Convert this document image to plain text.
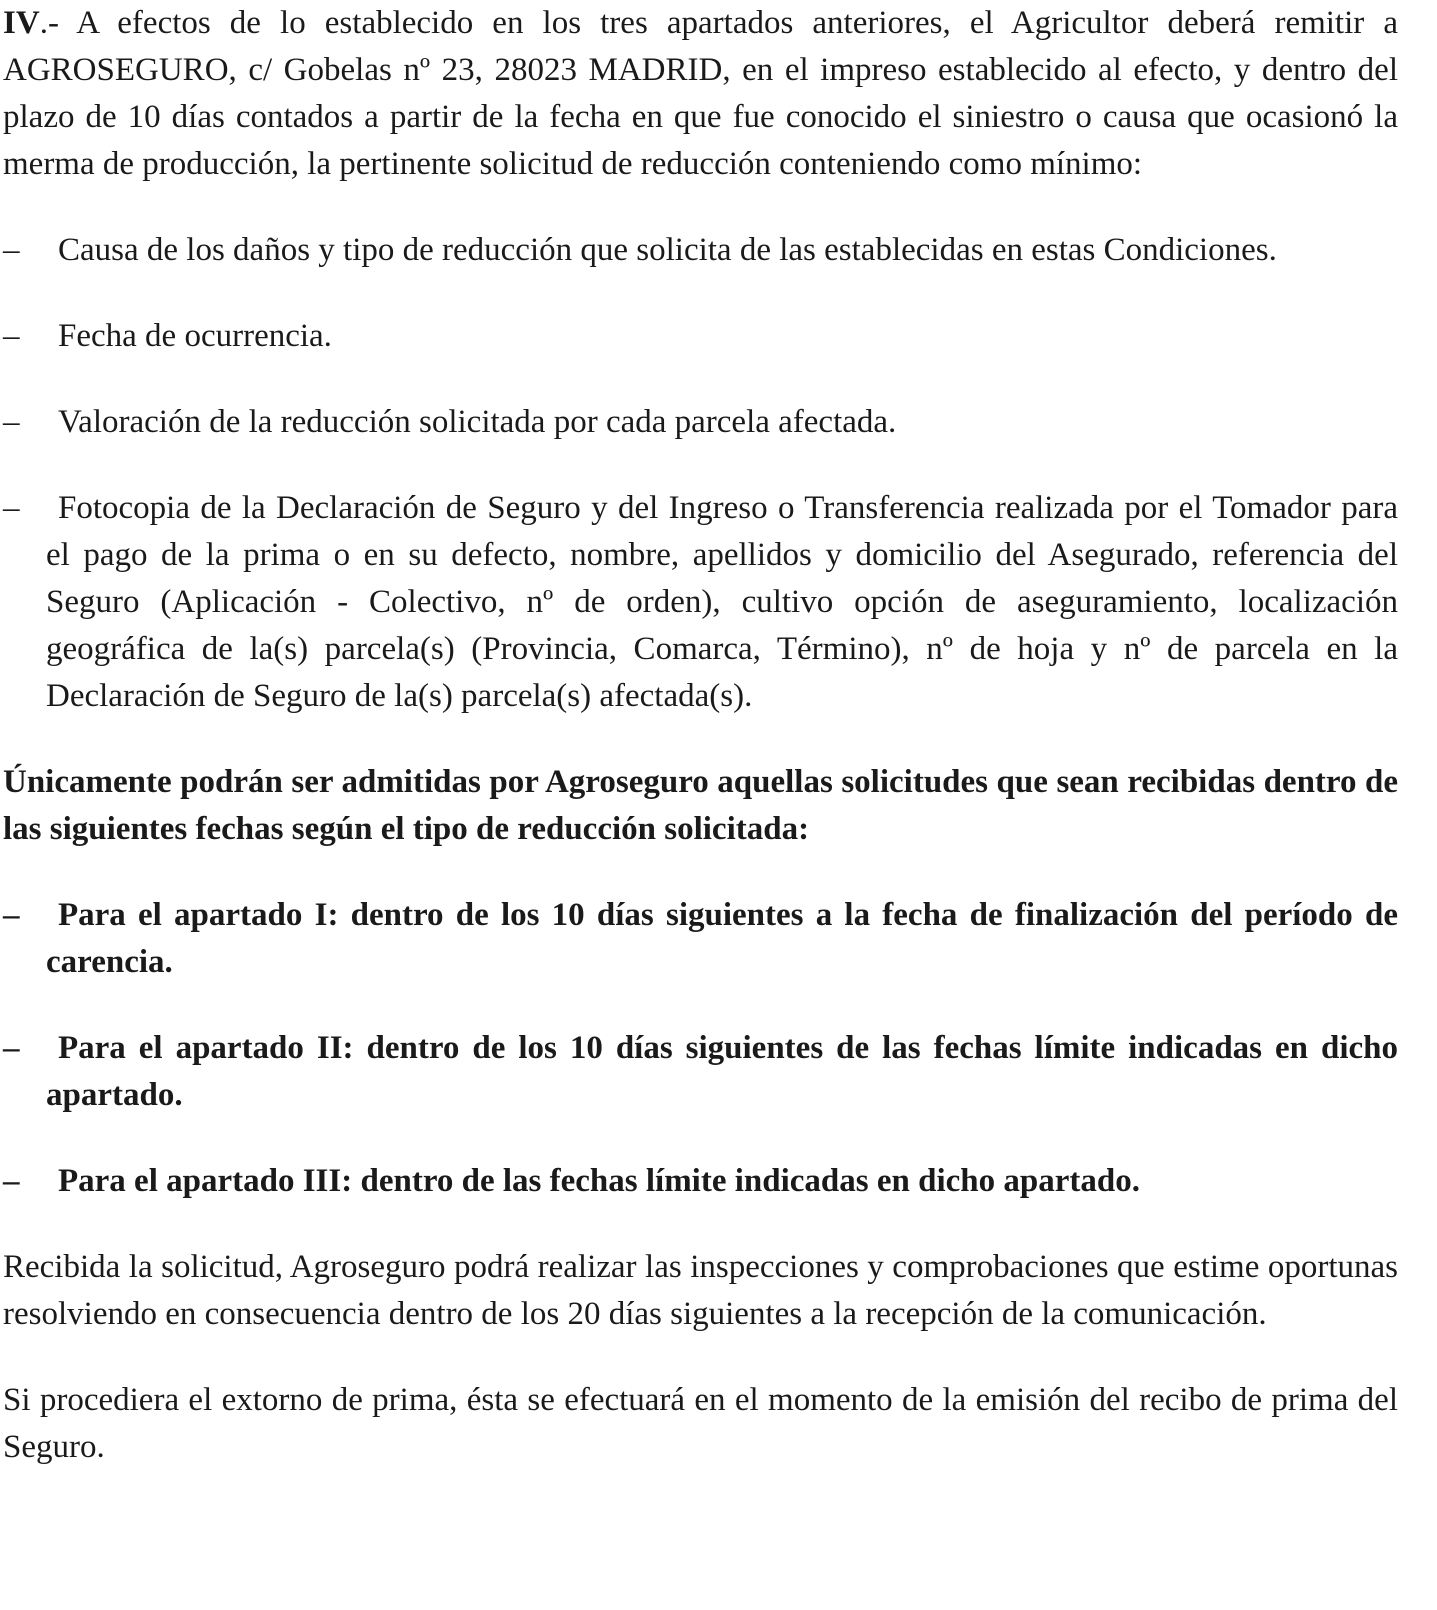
IV.- A efectos de lo establecido en los tres apartados anteriores, el Agricultor deberá remitir a AGROSEGURO, c/ Gobelas nº 23, 28023 MADRID, en el impreso establecido al efecto, y dentro del plazo de 10 días contados a partir de la fecha en que fue conocido el siniestro o causa que ocasionó la merma de producción, la pertinente solicitud de reducción conteniendo como mínimo:

– Causa de los daños y tipo de reducción que solicita de las establecidas en estas Condiciones.

– Fecha de ocurrencia.

– Valoración de la reducción solicitada por cada parcela afectada.

– Fotocopia de la Declaración de Seguro y del Ingreso o Transferencia realizada por el Tomador para el pago de la prima o en su defecto, nombre, apellidos y domicilio del Asegurado, referencia del Seguro (Aplicación - Colectivo, nº de orden), cultivo opción de aseguramiento, localización geográfica de la(s) parcela(s) (Provincia, Comarca, Término), nº de hoja y nº de parcela en la Declaración de Seguro de la(s) parcela(s) afectada(s).

Únicamente podrán ser admitidas por Agroseguro aquellas solicitudes que sean recibidas dentro de las siguientes fechas según el tipo de reducción solicitada:

– Para el apartado I: dentro de los 10 días siguientes a la fecha de finalización del período de carencia.

– Para el apartado II: dentro de los 10 días siguientes de las fechas límite indicadas en dicho apartado.

– Para el apartado III: dentro de las fechas límite indicadas en dicho apartado.

Recibida la solicitud, Agroseguro podrá realizar las inspecciones y comprobaciones que estime oportunas resolviendo en consecuencia dentro de los 20 días siguientes a la recepción de la comunicación.

Si procediera el extorno de prima, ésta se efectuará en el momento de la emisión del recibo de prima del Seguro.
